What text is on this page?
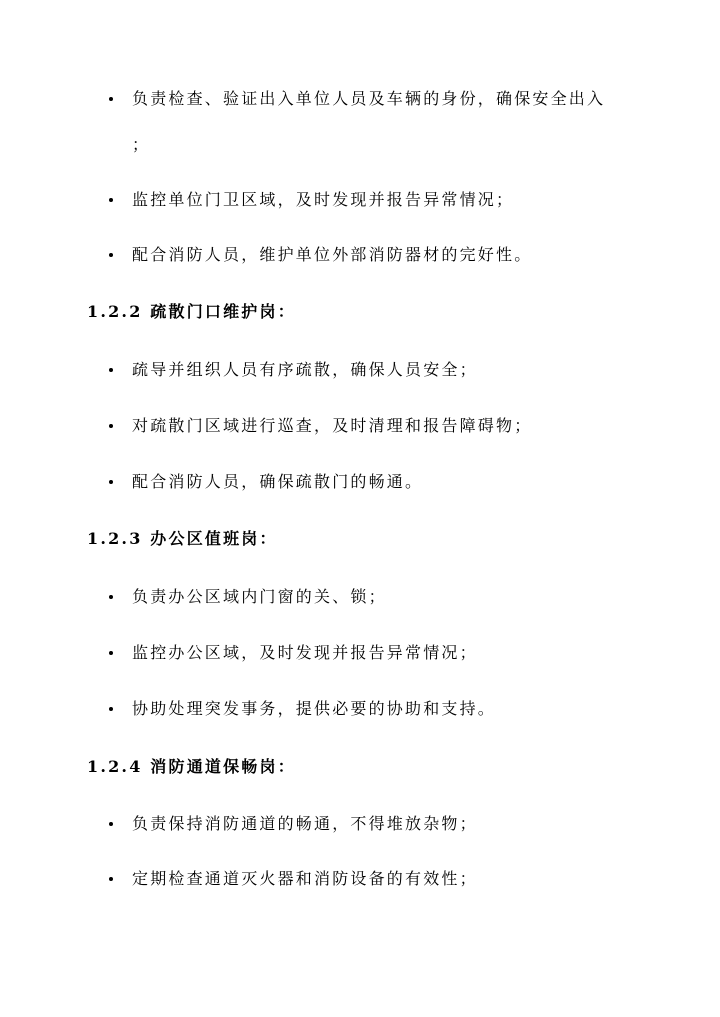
负责检查、验证出入单位人员及车辆的身份，确保安全出入
；
监控单位门卫区域，及时发现并报告异常情况；
配合消防人员，维护单位外部消防器材的完好性。
1.2.2 疏散门口维护岗：
疏导并组织人员有序疏散，确保人员安全；
对疏散门区域进行巡查，及时清理和报告障碍物；
配合消防人员，确保疏散门的畅通。
1.2.3 办公区值班岗：
负责办公区域内门窗的关、锁；
监控办公区域，及时发现并报告异常情况；
协助处理突发事务，提供必要的协助和支持。
1.2.4 消防通道保畅岗：
负责保持消防通道的畅通，不得堆放杂物；
定期检查通道灭火器和消防设备的有效性；
